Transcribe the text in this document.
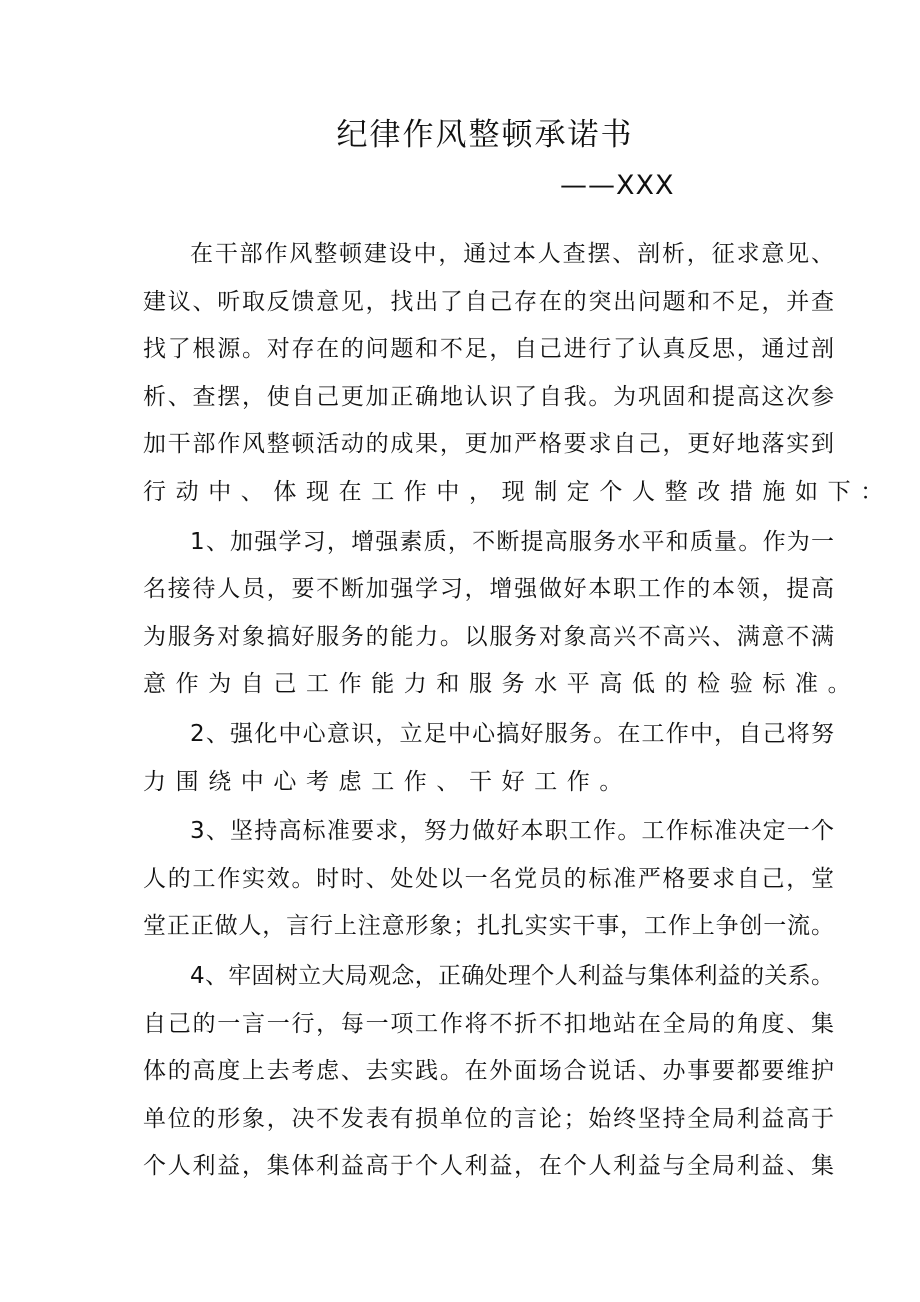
纪律作风整顿承诺书
——XXX
在干部作风整顿建设中，通过本人查摆、剖析，征求意见、
建议、听取反馈意见，找出了自己存在的突出问题和不足，并查
找了根源。对存在的问题和不足，自己进行了认真反思，通过剖
析、查摆，使自己更加正确地认识了自我。为巩固和提高这次参
加干部作风整顿活动的成果，更加严格要求自己，更好地落实到
行动中、体现在工作中，现制定个人整改措施如下：
1、加强学习，增强素质，不断提高服务水平和质量。作为一
名接待人员，要不断加强学习，增强做好本职工作的本领，提高
为服务对象搞好服务的能力。以服务对象高兴不高兴、满意不满
意作为自己工作能力和服务水平高低的检验标准。
2、强化中心意识，立足中心搞好服务。在工作中，自己将努
力围绕中心考虑工作、干好工作。
3、坚持高标准要求，努力做好本职工作。工作标准决定一个
人的工作实效。时时、处处以一名党员的标准严格要求自己，堂
堂正正做人，言行上注意形象；扎扎实实干事，工作上争创一流。
4、牢固树立大局观念，正确处理个人利益与集体利益的关系。
自己的一言一行，每一项工作将不折不扣地站在全局的角度、集
体的高度上去考虑、去实践。在外面场合说话、办事要都要维护
单位的形象，决不发表有损单位的言论；始终坚持全局利益高于
个人利益，集体利益高于个人利益，在个人利益与全局利益、集
